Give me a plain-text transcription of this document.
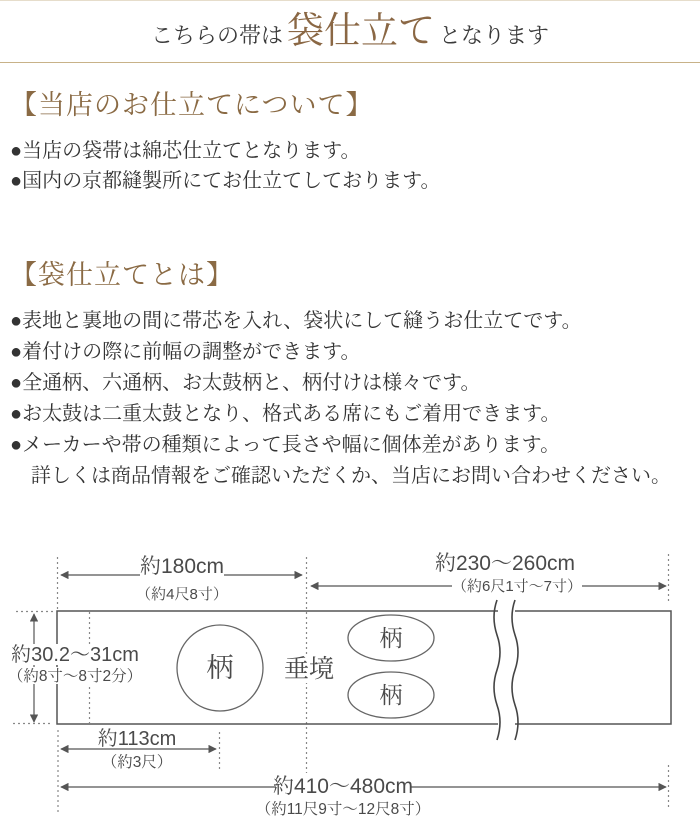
こちらの帯は 袋仕立て となります
【当店のお仕立てについて】

●当店の袋帯は綿芯仕立てとなります。

●国内の京都縫製所にてお仕立てしております。

【袋仕立てとは】

●表地と裏地の間に帯芯を入れ、袋状にして縫うお仕立てです。

●着付けの際に前幅の調整ができます。

●全通柄、六通柄、お太鼓柄と、柄付けは様々です。

●お太鼓は二重太鼓となり、格式ある席にもご着用できます。

●メーカーや帯の種類によって長さや幅に個体差があります。

詳しくは商品情報をご確認いただくか、当店にお問い合わせください。

約180cm
（約4尺8寸）
約230〜260cm
（約6尺1寸〜7寸）
約30.2〜31cm
（約8寸〜8寸2分） 柄 垂境
柄
柄
約113cm
（約3尺）
約410〜480cm
（約11尺9寸〜12尺8寸）
